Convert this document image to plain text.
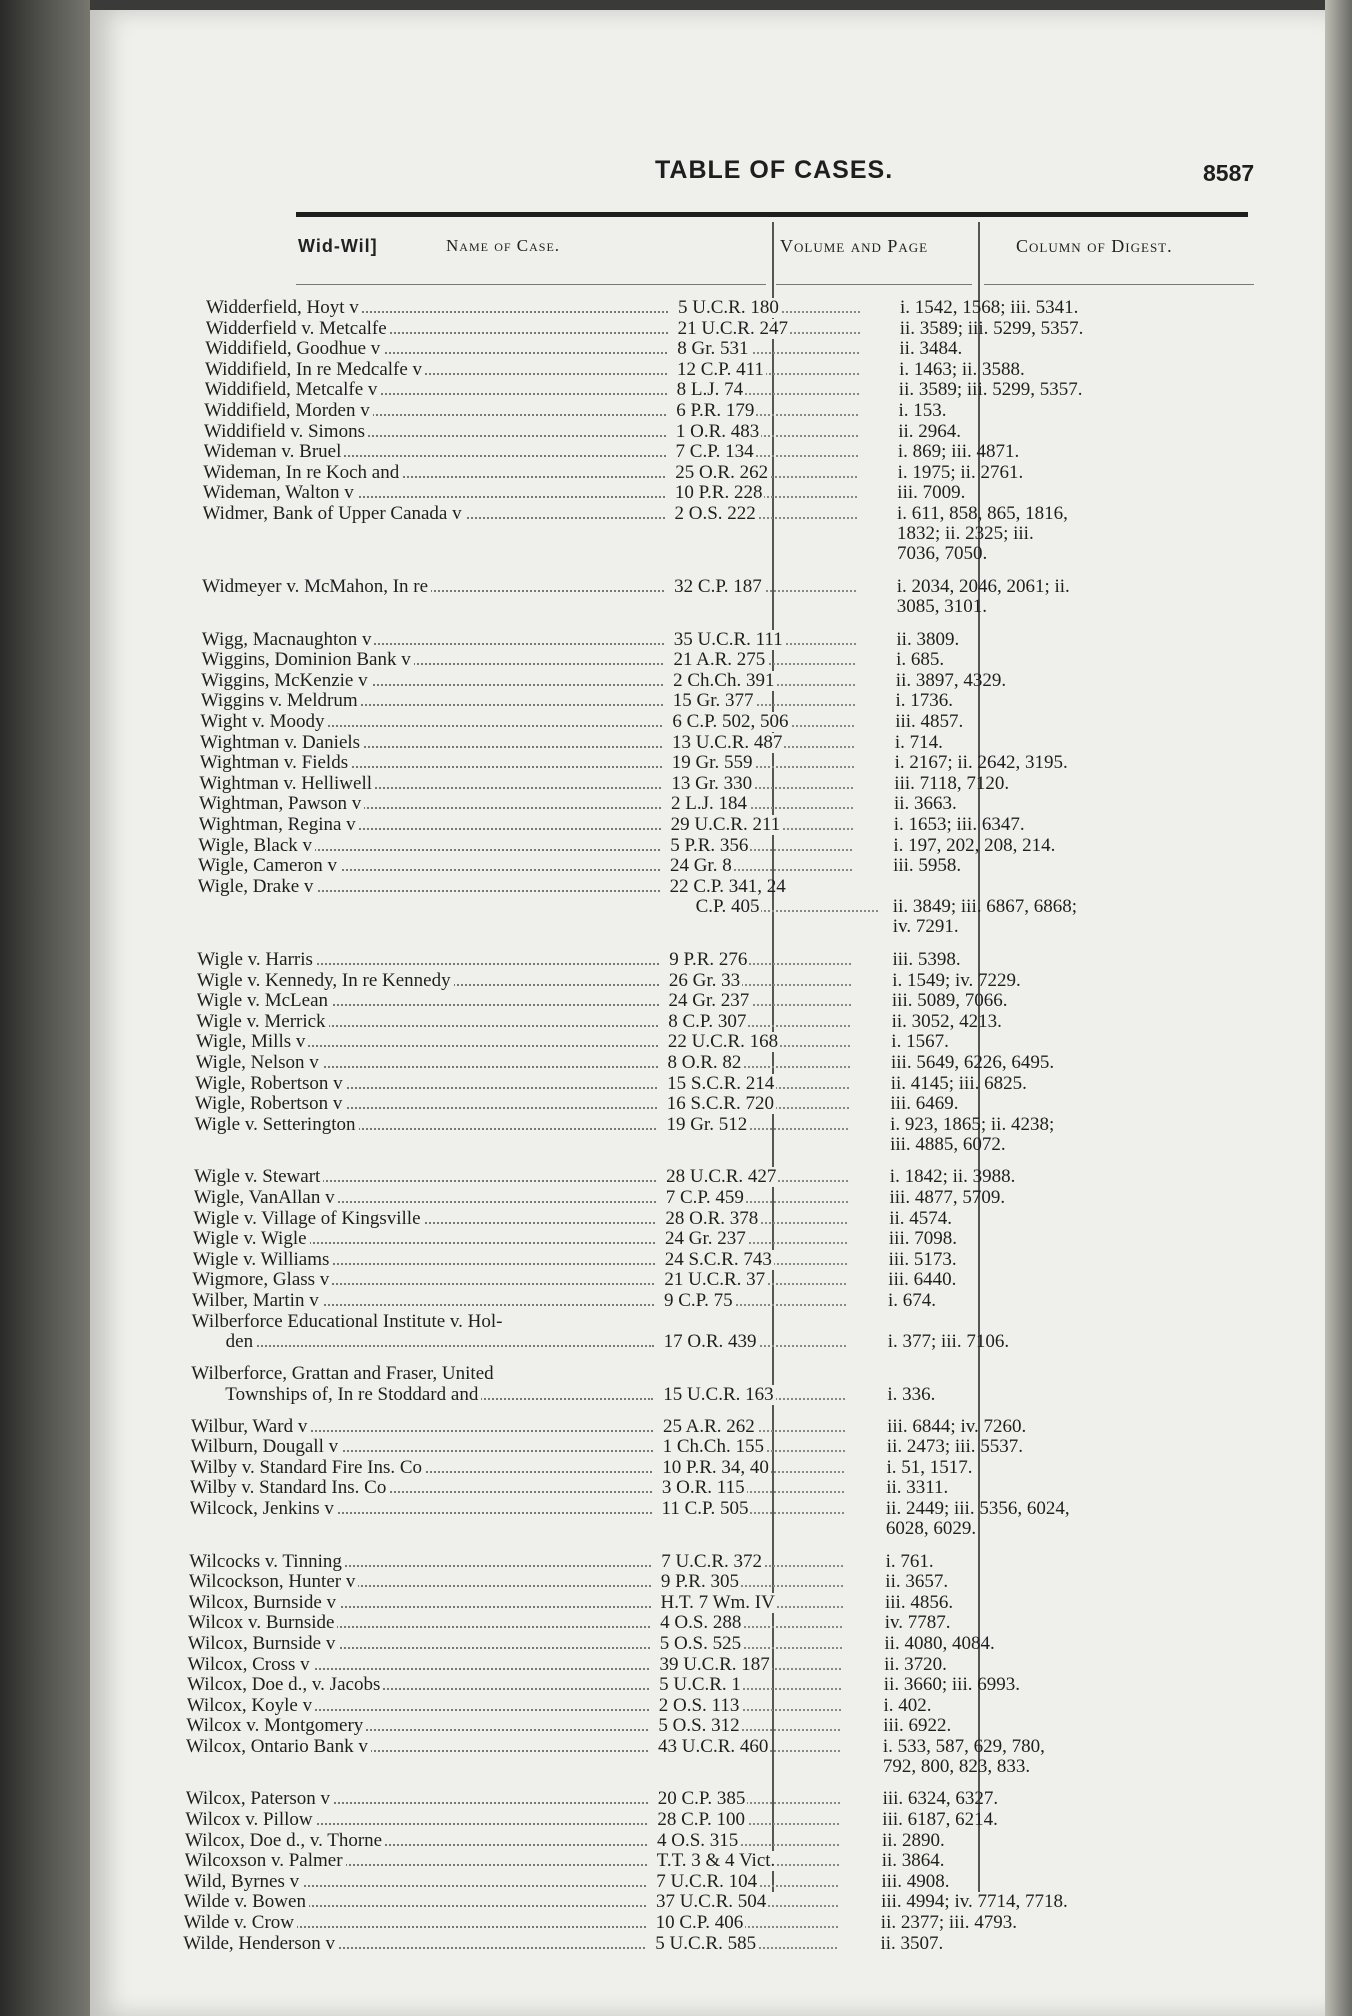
TABLE OF CASES.	8587
Wid-Wil]	Name of Case.	Volume and Page	Column of Digest.
Widderfield, Hoyt v	5 U.C.R. 180	i. 1542, 1568; iii. 5341.
Widderfield v. Metcalfe	21 U.C.R. 247	ii. 3589; iii. 5299, 5357.
Widdifield, Goodhue v	8 Gr. 531	ii. 3484.
Widdifield, In re Medcalfe v	12 C.P. 411	i. 1463; ii. 3588.
Widdifield, Metcalfe v	8 L.J. 74	ii. 3589; iii. 5299, 5357.
Widdifield, Morden v	6 P.R. 179	i. 153.
Widdifield v. Simons	1 O.R. 483	ii. 2964.
Wideman v. Bruel	7 C.P. 134	i. 869; iii. 4871.
Wideman, In re Koch and	25 O.R. 262	i. 1975; ii. 2761.
Wideman, Walton v	10 P.R. 228	iii. 7009.
Widmer, Bank of Upper Canada v	2 O.S. 222	i. 611, 858, 865, 1816,
1832; ii. 2325; iii.
7036, 7050.
Widmeyer v. McMahon, In re	32 C.P. 187	i. 2034, 2046, 2061; ii.
3085, 3101.
Wigg, Macnaughton v	35 U.C.R. 111	ii. 3809.
Wiggins, Dominion Bank v	21 A.R. 275	i. 685.
Wiggins, McKenzie v	2 Ch.Ch. 391	ii. 3897, 4329.
Wiggins v. Meldrum	15 Gr. 377	i. 1736.
Wight v. Moody	6 C.P. 502, 506	iii. 4857.
Wightman v. Daniels	13 U.C.R. 487	i. 714.
Wightman v. Fields	19 Gr. 559	i. 2167; ii. 2642, 3195.
Wightman v. Helliwell	13 Gr. 330	iii. 7118, 7120.
Wightman, Pawson v	2 L.J. 184	ii. 3663.
Wightman, Regina v	29 U.C.R. 211	i. 1653; iii. 6347.
Wigle, Black v	5 P.R. 356	i. 197, 202, 208, 214.
Wigle, Cameron v	24 Gr. 8	iii. 5958.
Wigle, Drake v	22 C.P. 341, 24
C.P. 405	ii. 3849; iii. 6867, 6868;
iv. 7291.
Wigle v. Harris	9 P.R. 276	iii. 5398.
Wigle v. Kennedy, In re Kennedy	26 Gr. 33	i. 1549; iv. 7229.
Wigle v. McLean	24 Gr. 237	iii. 5089, 7066.
Wigle v. Merrick	8 C.P. 307	ii. 3052, 4213.
Wigle, Mills v	22 U.C.R. 168	i. 1567.
Wigle, Nelson v	8 O.R. 82	iii. 5649, 6226, 6495.
Wigle, Robertson v	15 S.C.R. 214	ii. 4145; iii. 6825.
Wigle, Robertson v	16 S.C.R. 720	iii. 6469.
Wigle v. Setterington	19 Gr. 512	i. 923, 1865; ii. 4238;
iii. 4885, 6072.
Wigle v. Stewart	28 U.C.R. 427	i. 1842; ii. 3988.
Wigle, VanAllan v	7 C.P. 459	iii. 4877, 5709.
Wigle v. Village of Kingsville	28 O.R. 378	ii. 4574.
Wigle v. Wigle	24 Gr. 237	iii. 7098.
Wigle v. Williams	24 S.C.R. 743	iii. 5173.
Wigmore, Glass v	21 U.C.R. 37	iii. 6440.
Wilber, Martin v	9 C.P. 75	i. 674.
Wilberforce Educational Institute v. Hol-
den	17 O.R. 439	i. 377; iii. 7106.
Wilberforce, Grattan and Fraser, United
Townships of, In re Stoddard and	15 U.C.R. 163	i. 336.
Wilbur, Ward v	25 A.R. 262	iii. 6844; iv. 7260.
Wilburn, Dougall v	1 Ch.Ch. 155	ii. 2473; iii. 5537.
Wilby v. Standard Fire Ins. Co	10 P.R. 34, 40	i. 51, 1517.
Wilby v. Standard Ins. Co	3 O.R. 115	ii. 3311.
Wilcock, Jenkins v	11 C.P. 505	ii. 2449; iii. 5356, 6024,
6028, 6029.
Wilcocks v. Tinning	7 U.C.R. 372	i. 761.
Wilcockson, Hunter v	9 P.R. 305	ii. 3657.
Wilcox, Burnside v	H.T. 7 Wm. IV	iii. 4856.
Wilcox v. Burnside	4 O.S. 288	iv. 7787.
Wilcox, Burnside v	5 O.S. 525	ii. 4080, 4084.
Wilcox, Cross v	39 U.C.R. 187	ii. 3720.
Wilcox, Doe d., v. Jacobs	5 U.C.R. 1	ii. 3660; iii. 6993.
Wilcox, Koyle v	2 O.S. 113	i. 402.
Wilcox v. Montgomery	5 O.S. 312	iii. 6922.
Wilcox, Ontario Bank v	43 U.C.R. 460	i. 533, 587, 629, 780,
792, 800, 823, 833.
Wilcox, Paterson v	20 C.P. 385	iii. 6324, 6327.
Wilcox v. Pillow	28 C.P. 100	iii. 6187, 6214.
Wilcox, Doe d., v. Thorne	4 O.S. 315	ii. 2890.
Wilcoxson v. Palmer	T.T. 3 & 4 Vict.	ii. 3864.
Wild, Byrnes v	7 U.C.R. 104	iii. 4908.
Wilde v. Bowen	37 U.C.R. 504	iii. 4994; iv. 7714, 7718.
Wilde v. Crow	10 C.P. 406	ii. 2377; iii. 4793.
Wilde, Henderson v	5 U.C.R. 585	ii. 3507.
